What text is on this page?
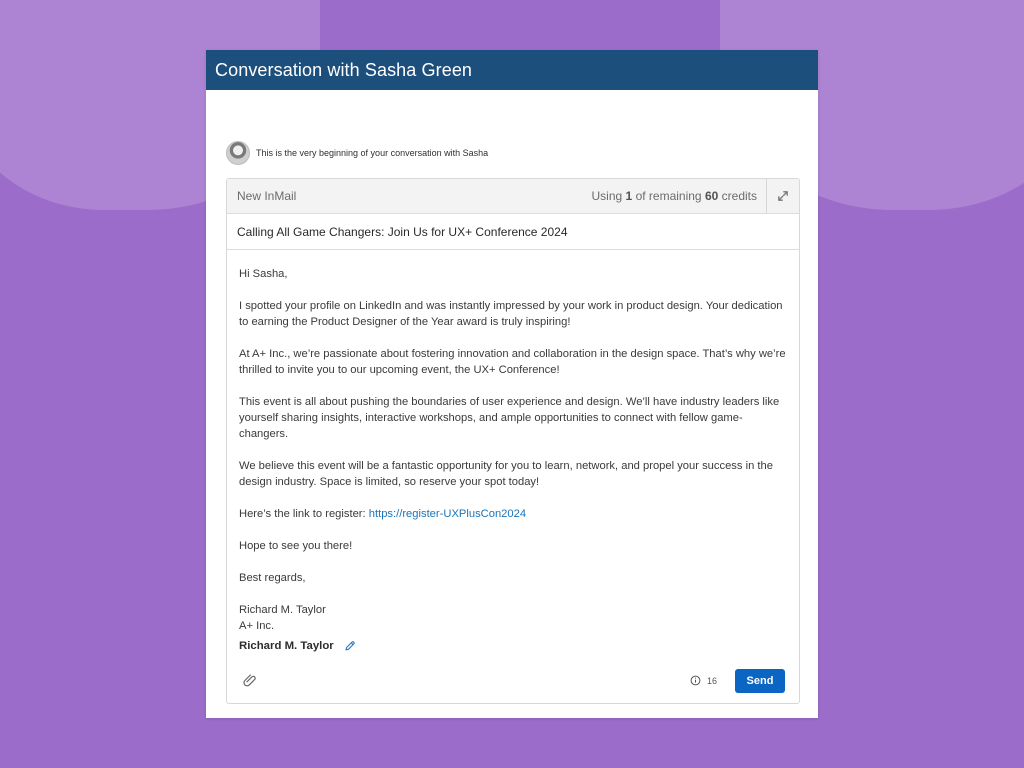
Conversation with Sasha Green
This is the very beginning of your conversation with Sasha
New InMail	Using 1 of remaining 60 credits
Calling All Game Changers: Join Us for UX+ Conference 2024

Hi Sasha,

I spotted your profile on LinkedIn and was instantly impressed by your work in product design. Your dedication to earning the Product Designer of the Year award is truly inspiring!

At A+ Inc., we’re passionate about fostering innovation and collaboration in the design space. That’s why we’re thrilled to invite you to our upcoming event, the UX+ Conference!

This event is all about pushing the boundaries of user experience and design. We’ll have industry leaders like yourself sharing insights, interactive workshops, and ample opportunities to connect with fellow game-changers.

We believe this event will be a fantastic opportunity for you to learn, network, and propel your success in the design industry. Space is limited, so reserve your spot today!

Here’s the link to register: https://register-UXPlusCon2024

Hope to see you there!

Best regards,

Richard M. Taylor

A+ Inc.

Richard M. Taylor
16	Send
